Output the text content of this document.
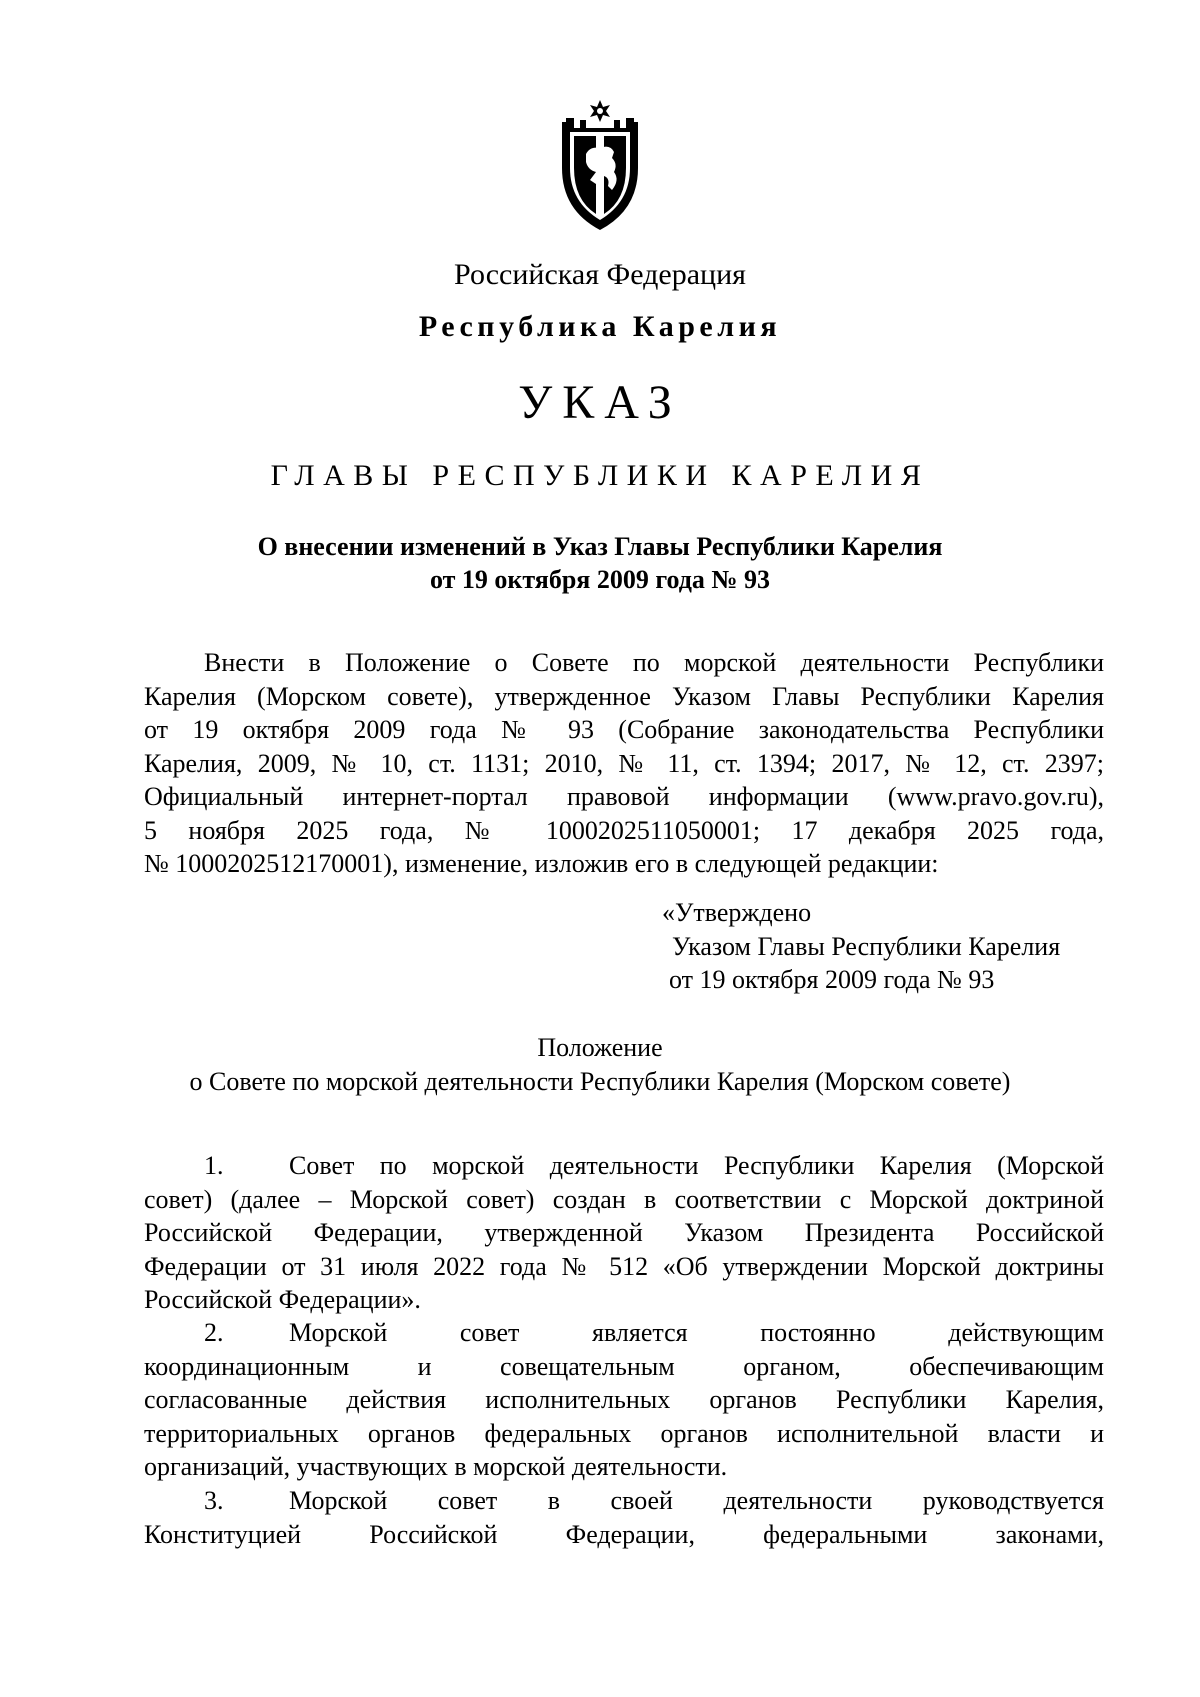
Российская Федерация
Республика Карелия
УКАЗ
ГЛАВЫ РЕСПУБЛИКИ КАРЕЛИЯ
О внесении изменений в Указ Главы Республики Карелия
от 19 октября 2009 года № 93
Внести в Положение о Совете по морской деятельности Республики
Карелия (Морском совете), утвержденное Указом Главы Республики Карелия
от 19 октября 2009 года № 93 (Собрание законодательства Республики
Карелия, 2009, № 10, ст. 1131; 2010, № 11, ст. 1394; 2017, № 12, ст. 2397;
Официальный интернет-портал правовой информации (www.pravo.gov.ru),
5 ноября 2025 года, № 1000202511050001; 17 декабря 2025 года,
№ 1000202512170001), изменение, изложив его в следующей редакции:
«Утверждено
Указом Главы Республики Карелия
от 19 октября 2009 года № 93
Положение
о Совете по морской деятельности Республики Карелия (Морском совете)
1.	Совет по морской деятельности Республики Карелия (Морской
совет) (далее – Морской совет) создан в соответствии с Морской доктриной
Российской Федерации, утвержденной Указом Президента Российской
Федерации от 31 июля 2022 года № 512 «Об утверждении Морской доктрины
Российской Федерации».
2.	Морской совет является постоянно действующим
координационным и совещательным органом, обеспечивающим
согласованные действия исполнительных органов Республики Карелия,
территориальных органов федеральных органов исполнительной власти и
организаций, участвующих в морской деятельности.
3.	Морской совет в своей деятельности руководствуется
Конституцией Российской Федерации, федеральными законами,
